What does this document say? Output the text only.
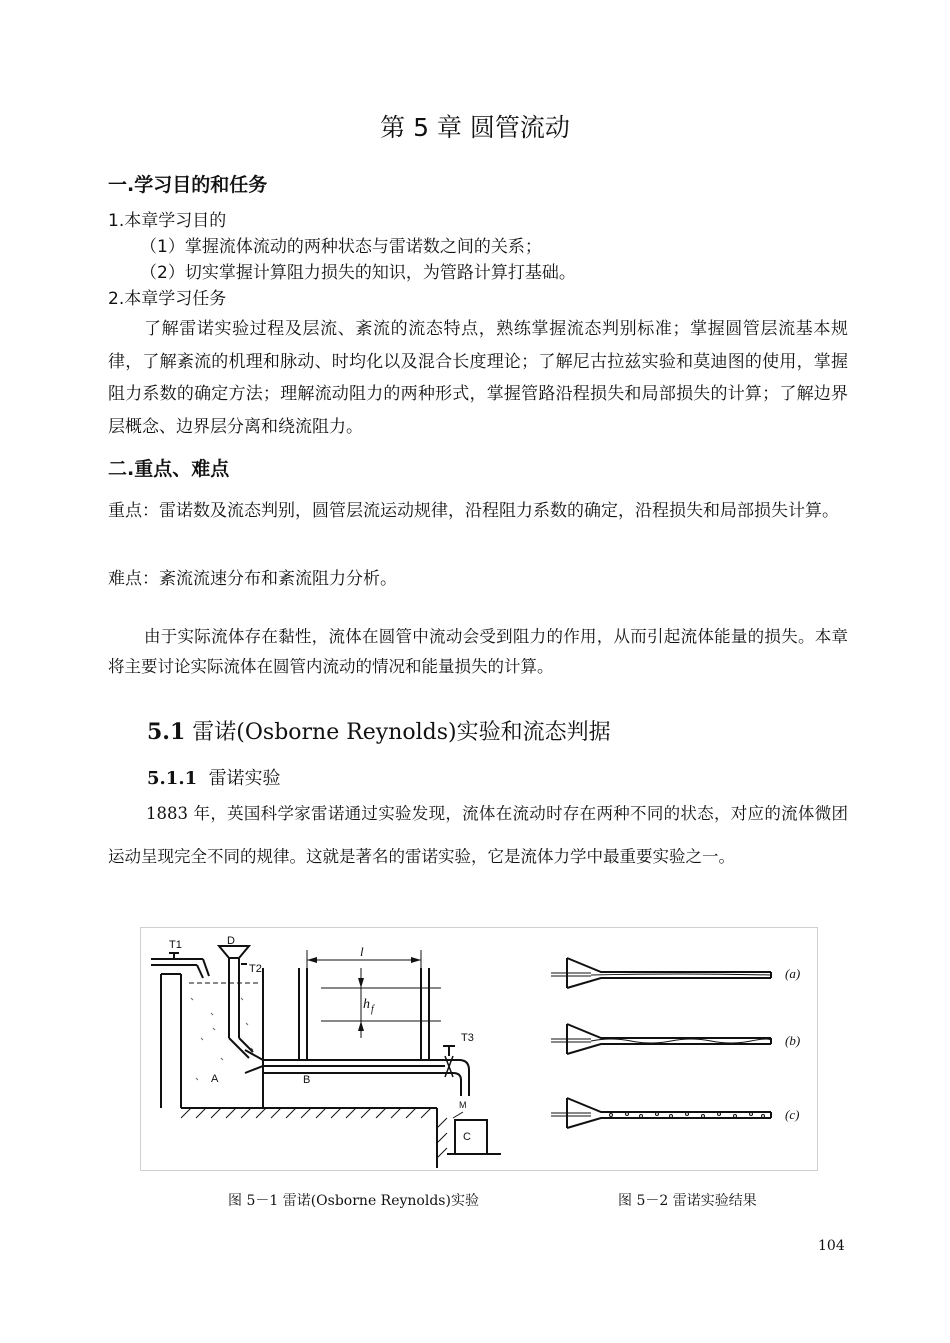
第 5 章 圆管流动
一.学习目的和任务
1.本章学习目的
（1）掌握流体流动的两种状态与雷诺数之间的关系；
（2）切实掌握计算阻力损失的知识，为管路计算打基础。
2.本章学习任务
了解雷诺实验过程及层流、紊流的流态特点，熟练掌握流态判别标准；掌握圆管层流基本规律，了解紊流的机理和脉动、时均化以及混合长度理论；了解尼古拉兹实验和莫迪图的使用，掌握阻力系数的确定方法；理解流动阻力的两种形式，掌握管路沿程损失和局部损失的计算；了解边界层概念、边界层分离和绕流阻力。
二.重点、难点
重点：雷诺数及流态判别，圆管层流运动规律，沿程阻力系数的确定，沿程损失和局部损失计算。
难点：紊流流速分布和紊流阻力分析。
由于实际流体存在黏性，流体在圆管中流动会受到阻力的作用，从而引起流体能量的损失。本章将主要讨论实际流体在圆管内流动的情况和能量损失的计算。
5.1 雷诺(Osborne Reynolds)实验和流态判据
5.1.1 雷诺实验
1883 年，英国科学家雷诺通过实验发现，流体在流动时存在两种不同的状态，对应的流体微团运动呈现完全不同的规律。这就是著名的雷诺实验，它是流体力学中最重要实验之一。
T1	D
T2
A	B
T3
C
M
l
h f
(a)
(b)
(c)
图 5－1 雷诺(Osborne Reynolds)实验	图 5－2 雷诺实验结果
104
